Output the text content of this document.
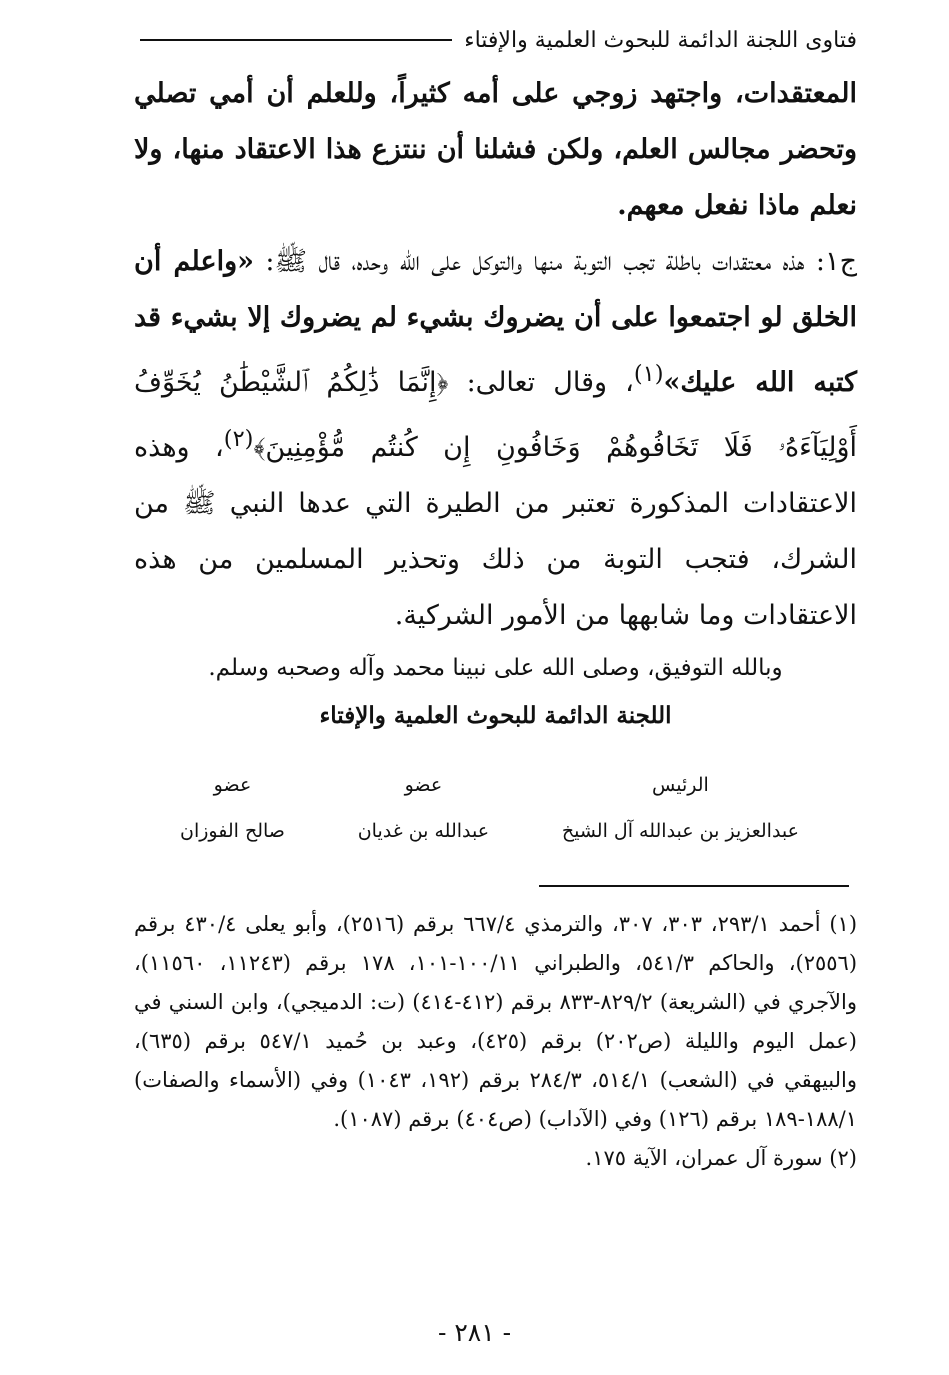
فتاوى اللجنة الدائمة للبحوث العلمية والإفتاء

المعتقدات، واجتهد زوجي على أمه كثيراً، وللعلم أن أمي تصلي وتحضر مجالس العلم، ولكن فشلنا أن ننتزع هذا الاعتقاد منها، ولا نعلم ماذا نفعل معهم.

ج١: هذه معتقدات باطلة تجب التوبة منها والتوكل على الله وحده، قال ﷺ: «واعلم أن الخلق لو اجتمعوا على أن يضروك بشيء لم يضروك إلا بشيء قد كتبه الله عليك»$^{(١)}$، وقال تعالى: ﴿إِنَّمَا ذَٰلِكُمُ ٱلشَّيْطَٰنُ يُخَوِّفُ أَوْلِيَآءَهُۥ فَلَا تَخَافُوهُمْ وَخَافُونِ إِن كُنتُم مُّؤْمِنِينَ﴾$^{(٢)}$، وهذه الاعتقادات المذكورة تعتبر من الطيرة التي عدها النبي ﷺ من الشرك، فتجب التوبة من ذلك وتحذير المسلمين من هذه الاعتقادات وما شابهها من الأمور الشركية.

وبالله التوفيق، وصلى الله على نبينا محمد وآله وصحبه وسلم.

اللجنة الدائمة للبحوث العلمية والإفتاء

الرئيس
عبدالعزيز بن عبدالله آل الشيخ
عضو
عبدالله بن غديان
عضو
صالح الفوزان

(١) أحمد ٢٩٣/١، ٣٠٣، ٣٠٧، والترمذي ٦٦٧/٤ برقم (٢٥١٦)، وأبو يعلى ٤٣٠/٤ برقم (٢٥٥٦)، والحاكم ٥٤١/٣، والطبراني ١٠٠/١١-١٠١، ١٧٨ برقم (١١٢٤٣، ١١٥٦٠)، والآجري في (الشريعة) ٨٢٩/٢-٨٣٣ برقم (٤١٢-٤١٤) (ت: الدميجي)، وابن السني في (عمل اليوم والليلة (ص٢٠٢) برقم (٤٢٥)، وعبد بن حُميد ٥٤٧/١ برقم (٦٣٥)، والبيهقي في (الشعب) ٥١٤/١، ٢٨٤/٣ برقم (١٩٢، ١٠٤٣) وفي (الأسماء والصفات) ١٨٨/١-١٨٩ برقم (١٢٦) وفي (الآداب) (ص٤٠٤) برقم (١٠٨٧).

(٢) سورة آل عمران، الآية ١٧٥.

- ٢٨١ -
